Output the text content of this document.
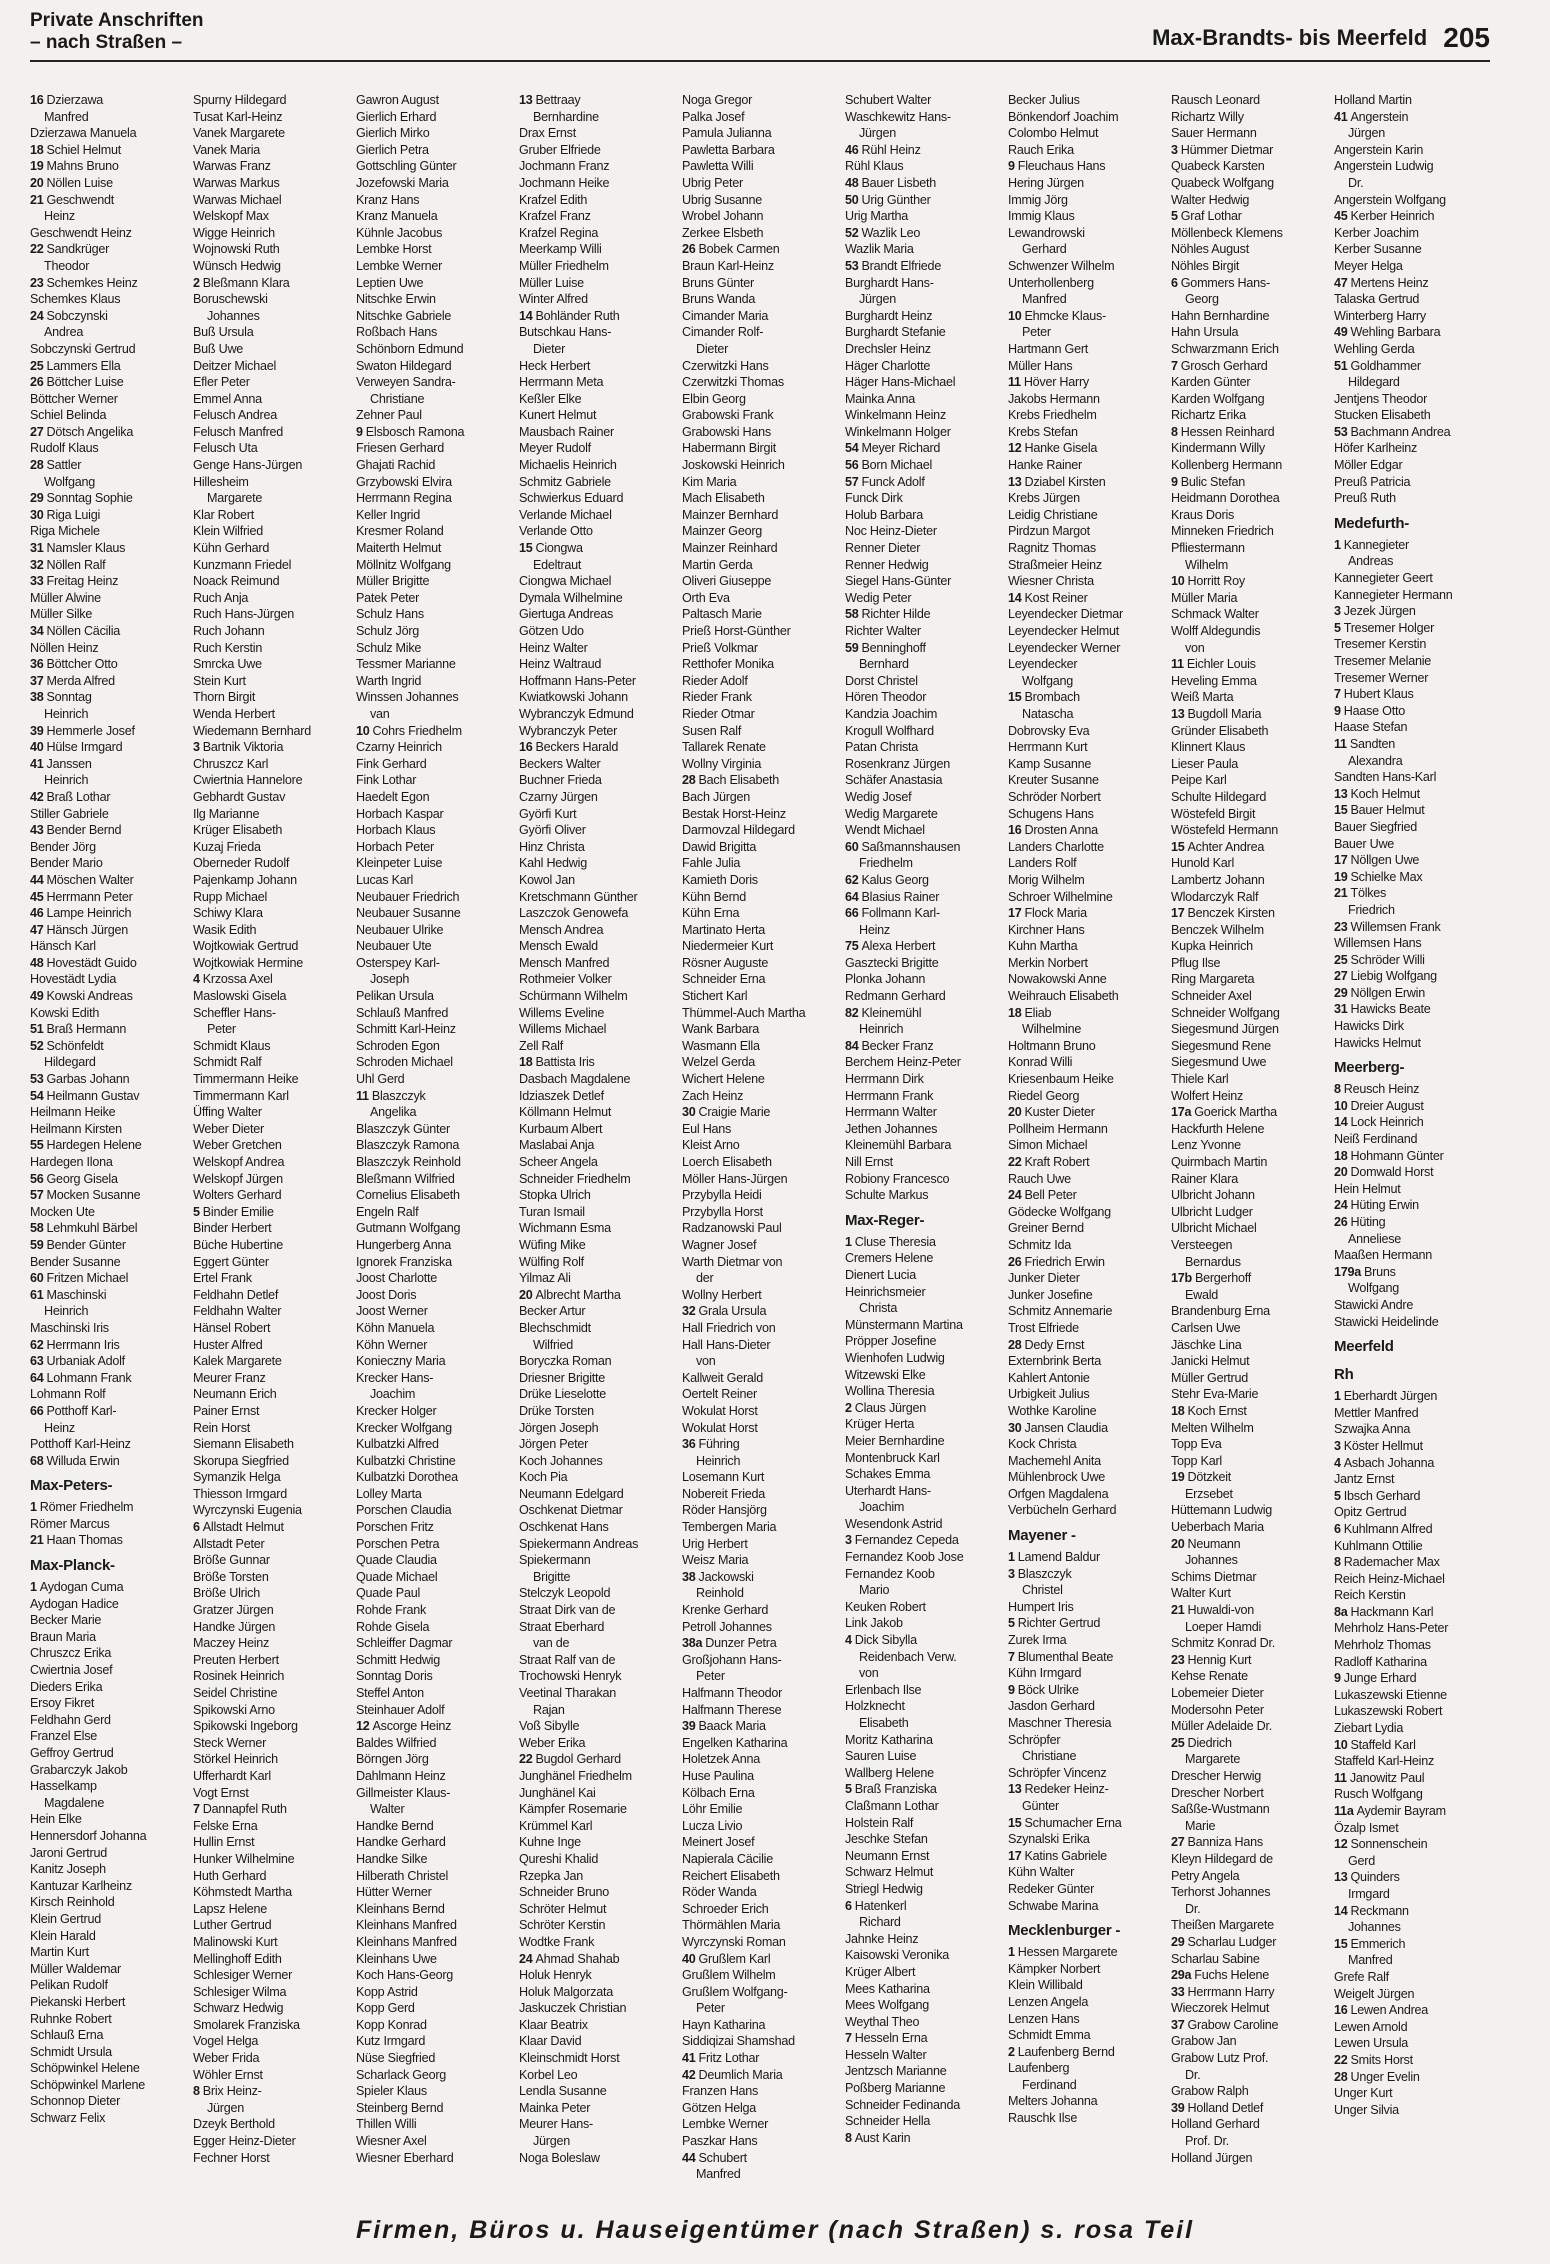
Private Anschriften
– nach Straßen –	Max-Brandts- bis Meerfeld 205
16 Dzierzawa
Manfred
Dzierzawa Manuela
18 Schiel Helmut
19 Mahns Bruno
20 Nöllen Luise
21 Geschwendt
Heinz
Geschwendt Heinz
22 Sandkrüger
Theodor
23 Schemkes Heinz
Schemkes Klaus
24 Sobczynski
Andrea
Sobczynski Gertrud
25 Lammers Ella
26 Böttcher Luise
Böttcher Werner
Schiel Belinda
27 Dötsch Angelika
Rudolf Klaus
28 Sattler
Wolfgang
29 Sonntag Sophie
30 Riga Luigi
Riga Michele
31 Namsler Klaus
32 Nöllen Ralf
33 Freitag Heinz
Müller Alwine
Müller Silke
34 Nöllen Cäcilia
Nöllen Heinz
36 Böttcher Otto
37 Merda Alfred
38 Sonntag
Heinrich
39 Hemmerle Josef
40 Hülse Irmgard
41 Janssen
Heinrich
42 Braß Lothar
Stiller Gabriele
43 Bender Bernd
Bender Jörg
Bender Mario
44 Möschen Walter
45 Herrmann Peter
46 Lampe Heinrich
47 Hänsch Jürgen
Hänsch Karl
48 Hovestädt Guido
Hovestädt Lydia
49 Kowski Andreas
Kowski Edith
51 Braß Hermann
52 Schönfeldt
Hildegard
53 Garbas Johann
54 Heilmann Gustav
Heilmann Heike
Heilmann Kirsten
55 Hardegen Helene
Hardegen Ilona
56 Georg Gisela
57 Mocken Susanne
Mocken Ute
58 Lehmkuhl Bärbel
59 Bender Günter
Bender Susanne
60 Fritzen Michael
61 Maschinski
Heinrich
Maschinski Iris
62 Herrmann Iris
63 Urbaniak Adolf
64 Lohmann Frank
Lohmann Rolf
66 Potthoff Karl-
Heinz
Potthoff Karl-Heinz
68 Willuda Erwin
Max-Peters-
1 Römer Friedhelm
Römer Marcus
21 Haan Thomas
Max-Planck-
1 Aydogan Cuma
Aydogan Hadice
Becker Marie
Braun Maria
Chruszcz Erika
Cwiertnia Josef
Dieders Erika
Ersoy Fikret
Feldhahn Gerd
Franzel Else
Geffroy Gertrud
Grabarczyk Jakob
Hasselkamp
Magdalene
Hein Elke
Hennersdorf Johanna
Jaroni Gertrud
Kanitz Joseph
Kantuzar Karlheinz
Kirsch Reinhold
Klein Gertrud
Klein Harald
Martin Kurt
Müller Waldemar
Pelikan Rudolf
Piekanski Herbert
Ruhnke Robert
Schlauß Erna
Schmidt Ursula
Schöpwinkel Helene
Schöpwinkel Marlene
Schonnop Dieter
Schwarz Felix
Spurny Hildegard
Tusat Karl-Heinz
Vanek Margarete
Vanek Maria
Warwas Franz
Warwas Markus
Warwas Michael
Welskopf Max
Wigge Heinrich
Wojnowski Ruth
Wünsch Hedwig
2 Bleßmann Klara
Boruschewski
Johannes
Buß Ursula
Buß Uwe
Deitzer Michael
Efler Peter
Emmel Anna
Felusch Andrea
Felusch Manfred
Felusch Uta
Genge Hans-Jürgen
Hillesheim
Margarete
Klar Robert
Klein Wilfried
Kühn Gerhard
Kunzmann Friedel
Noack Reimund
Ruch Anja
Ruch Hans-Jürgen
Ruch Johann
Ruch Kerstin
Smrcka Uwe
Stein Kurt
Thorn Birgit
Wenda Herbert
Wiedemann Bernhard
3 Bartnik Viktoria
Chruszcz Karl
Cwiertnia Hannelore
Gebhardt Gustav
Ilg Marianne
Krüger Elisabeth
Kuzaj Frieda
Oberneder Rudolf
Pajenkamp Johann
Rupp Michael
Schiwy Klara
Wasik Edith
Wojtkowiak Gertrud
Wojtkowiak Hermine
4 Krzossa Axel
Maslowski Gisela
Scheffler Hans-
Peter
Schmidt Klaus
Schmidt Ralf
Timmermann Heike
Timmermann Karl
Üffing Walter
Weber Dieter
Weber Gretchen
Welskopf Andrea
Welskopf Jürgen
Wolters Gerhard
5 Binder Emilie
Binder Herbert
Büche Hubertine
Eggert Günter
Ertel Frank
Feldhahn Detlef
Feldhahn Walter
Hänsel Robert
Huster Alfred
Kalek Margarete
Meurer Franz
Neumann Erich
Painer Ernst
Rein Horst
Siemann Elisabeth
Skorupa Siegfried
Symanzik Helga
Thiesson Irmgard
Wyrczynski Eugenia
6 Allstadt Helmut
Allstadt Peter
Bröße Gunnar
Bröße Torsten
Bröße Ulrich
Gratzer Jürgen
Handke Jürgen
Maczey Heinz
Preuten Herbert
Rosinek Heinrich
Seidel Christine
Spikowski Arno
Spikowski Ingeborg
Steck Werner
Störkel Heinrich
Ufferhardt Karl
Vogt Ernst
7 Dannapfel Ruth
Felske Erna
Hullin Ernst
Hunker Wilhelmine
Huth Gerhard
Köhmstedt Martha
Lapsz Helene
Luther Gertrud
Malinowski Kurt
Mellinghoff Edith
Schlesiger Werner
Schlesiger Wilma
Schwarz Hedwig
Smolarek Franziska
Vogel Helga
Weber Frida
Wöhler Ernst
8 Brix Heinz-
Jürgen
Dzeyk Berthold
Egger Heinz-Dieter
Fechner Horst
Gawron August
Gierlich Erhard
Gierlich Mirko
Gierlich Petra
Gottschling Günter
Jozefowski Maria
Kranz Hans
Kranz Manuela
Kühnle Jacobus
Lembke Horst
Lembke Werner
Leptien Uwe
Nitschke Erwin
Nitschke Gabriele
Roßbach Hans
Schönborn Edmund
Swaton Hildegard
Verweyen Sandra-
Christiane
Zehner Paul
9 Elsbosch Ramona
Friesen Gerhard
Ghajati Rachid
Grzybowski Elvira
Herrmann Regina
Keller Ingrid
Kresmer Roland
Maiterth Helmut
Möllnitz Wolfgang
Müller Brigitte
Patek Peter
Schulz Hans
Schulz Jörg
Schulz Mike
Tessmer Marianne
Warth Ingrid
Winssen Johannes
van
10 Cohrs Friedhelm
Czarny Heinrich
Fink Gerhard
Fink Lothar
Haedelt Egon
Horbach Kaspar
Horbach Klaus
Horbach Peter
Kleinpeter Luise
Lucas Karl
Neubauer Friedrich
Neubauer Susanne
Neubauer Ulrike
Neubauer Ute
Osterspey Karl-
Joseph
Pelikan Ursula
Schlauß Manfred
Schmitt Karl-Heinz
Schroden Egon
Schroden Michael
Uhl Gerd
11 Blaszczyk
Angelika
Blaszczyk Günter
Blaszczyk Ramona
Blaszczyk Reinhold
Bleßmann Wilfried
Cornelius Elisabeth
Engeln Ralf
Gutmann Wolfgang
Hungerberg Anna
Ignorek Franziska
Joost Charlotte
Joost Doris
Joost Werner
Köhn Manuela
Köhn Werner
Konieczny Maria
Krecker Hans-
Joachim
Krecker Holger
Krecker Wolfgang
Kulbatzki Alfred
Kulbatzki Christine
Kulbatzki Dorothea
Lolley Marta
Porschen Claudia
Porschen Fritz
Porschen Petra
Quade Claudia
Quade Michael
Quade Paul
Rohde Frank
Rohde Gisela
Schleiffer Dagmar
Schmitt Hedwig
Sonntag Doris
Steffel Anton
Steinhauer Adolf
12 Ascorge Heinz
Baldes Wilfried
Börngen Jörg
Dahlmann Heinz
Gillmeister Klaus-
Walter
Handke Bernd
Handke Gerhard
Handke Silke
Hilberath Christel
Hütter Werner
Kleinhans Bernd
Kleinhans Manfred
Kleinhans Manfred
Kleinhans Uwe
Koch Hans-Georg
Kopp Astrid
Kopp Gerd
Kopp Konrad
Kutz Irmgard
Nüse Siegfried
Scharlack Georg
Spieler Klaus
Steinberg Bernd
Thillen Willi
Wiesner Axel
Wiesner Eberhard
13 Bettraay
Bernhardine
Drax Ernst
Gruber Elfriede
Jochmann Franz
Jochmann Heike
Krafzel Edith
Krafzel Franz
Krafzel Regina
Meerkamp Willi
Müller Friedhelm
Müller Luise
Winter Alfred
14 Bohländer Ruth
Butschkau Hans-
Dieter
Heck Herbert
Herrmann Meta
Keßler Elke
Kunert Helmut
Mausbach Rainer
Meyer Rudolf
Michaelis Heinrich
Schmitz Gabriele
Schwierkus Eduard
Verlande Michael
Verlande Otto
15 Ciongwa
Edeltraut
Ciongwa Michael
Dymala Wilhelmine
Giertuga Andreas
Götzen Udo
Heinz Walter
Heinz Waltraud
Hoffmann Hans-Peter
Kwiatkowski Johann
Wybranczyk Edmund
Wybranczyk Peter
16 Beckers Harald
Beckers Walter
Buchner Frieda
Czarny Jürgen
Györfi Kurt
Györfi Oliver
Hinz Christa
Kahl Hedwig
Kowol Jan
Kretschmann Günther
Laszczok Genowefa
Mensch Andrea
Mensch Ewald
Mensch Manfred
Rothmeier Volker
Schürmann Wilhelm
Willems Eveline
Willems Michael
Zell Ralf
18 Battista Iris
Dasbach Magdalene
Idziaszek Detlef
Köllmann Helmut
Kurbaum Albert
Maslabai Anja
Scheer Angela
Schneider Friedhelm
Stopka Ulrich
Turan Ismail
Wichmann Esma
Wüfing Mike
Wülfing Rolf
Yilmaz Ali
20 Albrecht Martha
Becker Artur
Blechschmidt
Wilfried
Boryczka Roman
Driesner Brigitte
Drüke Lieselotte
Drüke Torsten
Jörgen Joseph
Jörgen Peter
Koch Johannes
Koch Pia
Neumann Edelgard
Oschkenat Dietmar
Oschkenat Hans
Spiekermann Andreas
Spiekermann
Brigitte
Stelczyk Leopold
Straat Dirk van de
Straat Eberhard
van de
Straat Ralf van de
Trochowski Henryk
Veetinal Tharakan
Rajan
Voß Sibylle
Weber Erika
22 Bugdol Gerhard
Junghänel Friedhelm
Junghänel Kai
Kämpfer Rosemarie
Krümmel Karl
Kuhne Inge
Qureshi Khalid
Rzepka Jan
Schneider Bruno
Schröter Helmut
Schröter Kerstin
Wodtke Frank
24 Ahmad Shahab
Holuk Henryk
Holuk Malgorzata
Jaskuczek Christian
Klaar Beatrix
Klaar David
Kleinschmidt Horst
Korbel Leo
Lendla Susanne
Mainka Peter
Meurer Hans-
Jürgen
Noga Boleslaw
Noga Gregor
Palka Josef
Pamula Julianna
Pawletta Barbara
Pawletta Willi
Ubrig Peter
Ubrig Susanne
Wrobel Johann
Zerkee Elsbeth
26 Bobek Carmen
Braun Karl-Heinz
Bruns Günter
Bruns Wanda
Cimander Maria
Cimander Rolf-
Dieter
Czerwitzki Hans
Czerwitzki Thomas
Elbin Georg
Grabowski Frank
Grabowski Hans
Habermann Birgit
Joskowski Heinrich
Kim Maria
Mach Elisabeth
Mainzer Bernhard
Mainzer Georg
Mainzer Reinhard
Martin Gerda
Oliveri Giuseppe
Orth Eva
Paltasch Marie
Prieß Horst-Günther
Prieß Volkmar
Retthofer Monika
Rieder Adolf
Rieder Frank
Rieder Otmar
Susen Ralf
Tallarek Renate
Wollny Virginia
28 Bach Elisabeth
Bach Jürgen
Bestak Horst-Heinz
Darmovzal Hildegard
Dawid Brigitta
Fahle Julia
Kamieth Doris
Kühn Bernd
Kühn Erna
Martinato Herta
Niedermeier Kurt
Rösner Auguste
Schneider Erna
Stichert Karl
Thümmel-Auch Martha
Wank Barbara
Wasmann Ella
Welzel Gerda
Wichert Helene
Zach Heinz
30 Craigie Marie
Eul Hans
Kleist Arno
Loerch Elisabeth
Möller Hans-Jürgen
Przybylla Heidi
Przybylla Horst
Radzanowski Paul
Wagner Josef
Warth Dietmar von
der
Wollny Herbert
32 Grala Ursula
Hall Friedrich von
Hall Hans-Dieter
von
Kallweit Gerald
Oertelt Reiner
Wokulat Horst
Wokulat Horst
36 Führing
Heinrich
Losemann Kurt
Nobereit Frieda
Röder Hansjörg
Tembergen Maria
Urig Herbert
Weisz Maria
38 Jackowski
Reinhold
Krenke Gerhard
Petroll Johannes
38a Dunzer Petra
Großjohann Hans-
Peter
Halfmann Theodor
Halfmann Therese
39 Baack Maria
Engelken Katharina
Holetzek Anna
Huse Paulina
Kölbach Erna
Löhr Emilie
Lucza Livio
Meinert Josef
Napierala Cäcilie
Reichert Elisabeth
Röder Wanda
Schroeder Erich
Thörmählen Maria
Wyrczynski Roman
40 Grußlem Karl
Grußlem Wilhelm
Grußlem Wolfgang-
Peter
Hayn Katharina
Siddiqizai Shamshad
41 Fritz Lothar
42 Deumlich Maria
Franzen Hans
Götzen Helga
Lembke Werner
Paszkar Hans
44 Schubert
Manfred
Schubert Walter
Waschkewitz Hans-
Jürgen
46 Rühl Heinz
Rühl Klaus
48 Bauer Lisbeth
50 Urig Günther
Urig Martha
52 Wazlik Leo
Wazlik Maria
53 Brandt Elfriede
Burghardt Hans-
Jürgen
Burghardt Heinz
Burghardt Stefanie
Drechsler Heinz
Häger Charlotte
Häger Hans-Michael
Mainka Anna
Winkelmann Heinz
Winkelmann Holger
54 Meyer Richard
56 Born Michael
57 Funck Adolf
Funck Dirk
Holub Barbara
Noc Heinz-Dieter
Renner Dieter
Renner Hedwig
Siegel Hans-Günter
Wedig Peter
58 Richter Hilde
Richter Walter
59 Benninghoff
Bernhard
Dorst Christel
Hören Theodor
Kandzia Joachim
Krogull Wolfhard
Patan Christa
Rosenkranz Jürgen
Schäfer Anastasia
Wedig Josef
Wedig Margarete
Wendt Michael
60 Saßmannshausen
Friedhelm
62 Kalus Georg
64 Blasius Rainer
66 Follmann Karl-
Heinz
75 Alexa Herbert
Gasztecki Brigitte
Plonka Johann
Redmann Gerhard
82 Kleinemühl
Heinrich
84 Becker Franz
Berchem Heinz-Peter
Herrmann Dirk
Herrmann Frank
Herrmann Walter
Jethen Johannes
Kleinemühl Barbara
Nill Ernst
Robiony Francesco
Schulte Markus
Max-Reger-
1 Cluse Theresia
Cremers Helene
Dienert Lucia
Heinrichsmeier
Christa
Münstermann Martina
Pröpper Josefine
Wienhofen Ludwig
Witzewski Elke
Wollina Theresia
2 Claus Jürgen
Krüger Herta
Meier Bernhardine
Montenbruck Karl
Schakes Emma
Uterhardt Hans-
Joachim
Wesendonk Astrid
3 Fernandez Cepeda
Fernandez Koob Jose
Fernandez Koob
Mario
Keuken Robert
Link Jakob
4 Dick Sibylla
Reidenbach Verw.
von
Erlenbach Ilse
Holzknecht
Elisabeth
Moritz Katharina
Sauren Luise
Wallberg Helene
5 Braß Franziska
Claßmann Lothar
Holstein Ralf
Jeschke Stefan
Neumann Ernst
Schwarz Helmut
Striegl Hedwig
6 Hatenkerl
Richard
Jahnke Heinz
Kaisowski Veronika
Krüger Albert
Mees Katharina
Mees Wolfgang
Weythal Theo
7 Hesseln Erna
Hesseln Walter
Jentzsch Marianne
Poßberg Marianne
Schneider Fedinanda
Schneider Hella
8 Aust Karin
Becker Julius
Bönkendorf Joachim
Colombo Helmut
Rauch Erika
9 Fleuchaus Hans
Hering Jürgen
Immig Jörg
Immig Klaus
Lewandrowski
Gerhard
Schwenzer Wilhelm
Unterhollenberg
Manfred
10 Ehmcke Klaus-
Peter
Hartmann Gert
Müller Hans
11 Höver Harry
Jakobs Hermann
Krebs Friedhelm
Krebs Stefan
12 Hanke Gisela
Hanke Rainer
13 Dziabel Kirsten
Krebs Jürgen
Leidig Christiane
Pirdzun Margot
Ragnitz Thomas
Straßmeier Heinz
Wiesner Christa
14 Kost Reiner
Leyendecker Dietmar
Leyendecker Helmut
Leyendecker Werner
Leyendecker
Wolfgang
15 Brombach
Natascha
Dobrovsky Eva
Herrmann Kurt
Kamp Susanne
Kreuter Susanne
Schröder Norbert
Schugens Hans
16 Drosten Anna
Landers Charlotte
Landers Rolf
Morig Wilhelm
Schroer Wilhelmine
17 Flock Maria
Kirchner Hans
Kuhn Martha
Merkin Norbert
Nowakowski Anne
Weihrauch Elisabeth
18 Eliab
Wilhelmine
Holtmann Bruno
Konrad Willi
Kriesenbaum Heike
Riedel Georg
20 Kuster Dieter
Pollheim Hermann
Simon Michael
22 Kraft Robert
Rauch Uwe
24 Bell Peter
Gödecke Wolfgang
Greiner Bernd
Schmitz Ida
26 Friedrich Erwin
Junker Dieter
Junker Josefine
Schmitz Annemarie
Trost Elfriede
28 Dedy Ernst
Externbrink Berta
Kahlert Antonie
Urbigkeit Julius
Wothke Karoline
30 Jansen Claudia
Kock Christa
Machemehl Anita
Mühlenbrock Uwe
Orfgen Magdalena
Verbücheln Gerhard
Mayener -
1 Lamend Baldur
3 Blaszczyk
Christel
Humpert Iris
5 Richter Gertrud
Zurek Irma
7 Blumenthal Beate
Kühn Irmgard
9 Böck Ulrike
Jasdon Gerhard
Maschner Theresia
Schröpfer
Christiane
Schröpfer Vincenz
13 Redeker Heinz-
Günter
15 Schumacher Erna
Szynalski Erika
17 Katins Gabriele
Kühn Walter
Redeker Günter
Schwabe Marina
Mecklenburger -
1 Hessen Margarete
Kämpker Norbert
Klein Willibald
Lenzen Angela
Lenzen Hans
Schmidt Emma
2 Laufenberg Bernd
Laufenberg
Ferdinand
Melters Johanna
Rauschk Ilse
Rausch Leonard
Richartz Willy
Sauer Hermann
3 Hümmer Dietmar
Quabeck Karsten
Quabeck Wolfgang
Walter Hedwig
5 Graf Lothar
Möllenbeck Klemens
Nöhles August
Nöhles Birgit
6 Gommers Hans-
Georg
Hahn Bernhardine
Hahn Ursula
Schwarzmann Erich
7 Grosch Gerhard
Karden Günter
Karden Wolfgang
Richartz Erika
8 Hessen Reinhard
Kindermann Willy
Kollenberg Hermann
9 Bulic Stefan
Heidmann Dorothea
Kraus Doris
Minneken Friedrich
Pfliestermann
Wilhelm
10 Horritt Roy
Müller Maria
Schmack Walter
Wolff Aldegundis
von
11 Eichler Louis
Heveling Emma
Weiß Marta
13 Bugdoll Maria
Gründer Elisabeth
Klinnert Klaus
Lieser Paula
Peipe Karl
Schulte Hildegard
Wöstefeld Birgit
Wöstefeld Hermann
15 Achter Andrea
Hunold Karl
Lambertz Johann
Wlodarczyk Ralf
17 Benczek Kirsten
Benczek Wilhelm
Kupka Heinrich
Pflug Ilse
Ring Margareta
Schneider Axel
Schneider Wolfgang
Siegesmund Jürgen
Siegesmund Rene
Siegesmund Uwe
Thiele Karl
Wolfert Heinz
17a Goerick Martha
Hackfurth Helene
Lenz Yvonne
Quirmbach Martin
Rainer Klara
Ulbricht Johann
Ulbricht Ludger
Ulbricht Michael
Versteegen
Bernardus
17b Bergerhoff
Ewald
Brandenburg Erna
Carlsen Uwe
Jäschke Lina
Janicki Helmut
Müller Gertrud
Stehr Eva-Marie
18 Koch Ernst
Melten Wilhelm
Topp Eva
Topp Karl
19 Dötzkeit
Erzsebet
Hüttemann Ludwig
Ueberbach Maria
20 Neumann
Johannes
Schims Dietmar
Walter Kurt
21 Huwaldi-von
Loeper Hamdi
Schmitz Konrad Dr.
23 Hennig Kurt
Kehse Renate
Lobemeier Dieter
Modersohn Peter
Müller Adelaide Dr.
25 Diedrich
Margarete
Drescher Herwig
Drescher Norbert
Saßße-Wustmann
Marie
27 Banniza Hans
Kleyn Hildegard de
Petry Angela
Terhorst Johannes
Dr.
Theißen Margarete
29 Scharlau Ludger
Scharlau Sabine
29a Fuchs Helene
33 Herrmann Harry
Wieczorek Helmut
37 Grabow Caroline
Grabow Jan
Grabow Lutz Prof.
Dr.
Grabow Ralph
39 Holland Detlef
Holland Gerhard
Prof. Dr.
Holland Jürgen
Holland Martin
41 Angerstein
Jürgen
Angerstein Karin
Angerstein Ludwig
Dr.
Angerstein Wolfgang
45 Kerber Heinrich
Kerber Joachim
Kerber Susanne
Meyer Helga
47 Mertens Heinz
Talaska Gertrud
Winterberg Harry
49 Wehling Barbara
Wehling Gerda
51 Goldhammer
Hildegard
Jentjens Theodor
Stucken Elisabeth
53 Bachmann Andrea
Höfer Karlheinz
Möller Edgar
Preuß Patricia
Preuß Ruth
Medefurth-
1 Kannegieter
Andreas
Kannegieter Geert
Kannegieter Hermann
3 Jezek Jürgen
5 Tresemer Holger
Tresemer Kerstin
Tresemer Melanie
Tresemer Werner
7 Hubert Klaus
9 Haase Otto
Haase Stefan
11 Sandten
Alexandra
Sandten Hans-Karl
13 Koch Helmut
15 Bauer Helmut
Bauer Siegfried
Bauer Uwe
17 Nöllgen Uwe
19 Schielke Max
21 Tölkes
Friedrich
23 Willemsen Frank
Willemsen Hans
25 Schröder Willi
27 Liebig Wolfgang
29 Nöllgen Erwin
31 Hawicks Beate
Hawicks Dirk
Hawicks Helmut
Meerberg-
8 Reusch Heinz
10 Dreier August
14 Lock Heinrich
Neiß Ferdinand
18 Hohmann Günter
20 Domwald Horst
Hein Helmut
24 Hüting Erwin
26 Hüting
Anneliese
Maaßen Hermann
179a Bruns
Wolfgang
Stawicki Andre
Stawicki Heidelinde
Meerfeld
Rh
1 Eberhardt Jürgen
Mettler Manfred
Szwajka Anna
3 Köster Hellmut
4 Asbach Johanna
Jantz Ernst
5 Ibsch Gerhard
Opitz Gertrud
6 Kuhlmann Alfred
Kuhlmann Ottilie
8 Rademacher Max
Reich Heinz-Michael
Reich Kerstin
8a Hackmann Karl
Mehrholz Hans-Peter
Mehrholz Thomas
Radloff Katharina
9 Junge Erhard
Lukaszewski Etienne
Lukaszewski Robert
Ziebart Lydia
10 Staffeld Karl
Staffeld Karl-Heinz
11 Janowitz Paul
Rusch Wolfgang
11a Aydemir Bayram
Özalp Ismet
12 Sonnenschein
Gerd
13 Quinders
Irmgard
14 Reckmann
Johannes
15 Emmerich
Manfred
Grefe Ralf
Weigelt Jürgen
16 Lewen Andrea
Lewen Arnold
Lewen Ursula
22 Smits Horst
28 Unger Evelin
Unger Kurt
Unger Silvia
Firmen, Büros u. Hauseigentümer (nach Straßen) s. rosa Teil
